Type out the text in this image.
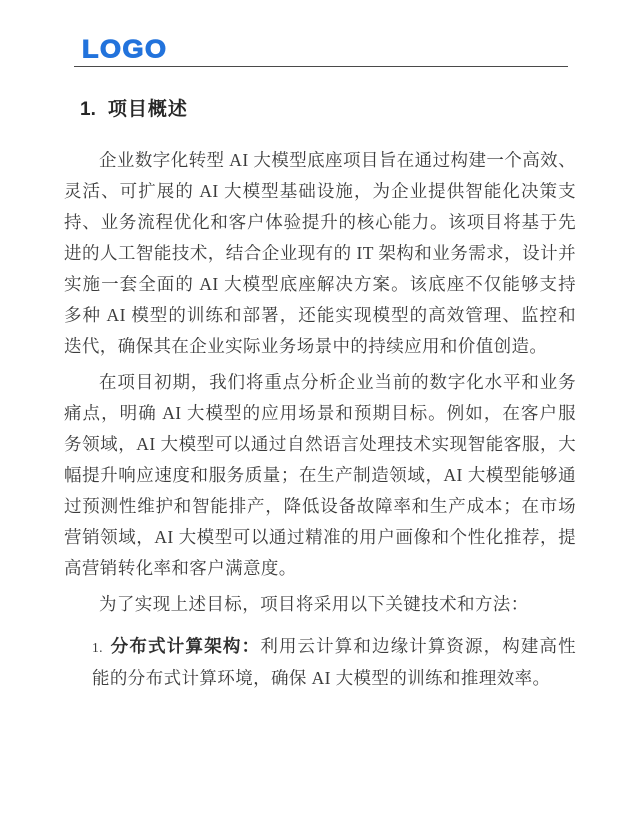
LOGO
1. 项目概述

企业数字化转型 AI 大模型底座项目旨在通过构建一个高效、灵活、可扩展的 AI 大模型基础设施，为企业提供智能化决策支持、业务流程优化和客户体验提升的核心能力。该项目将基于先进的人工智能技术，结合企业现有的 IT 架构和业务需求，设计并实施一套全面的 AI 大模型底座解决方案。该底座不仅能够支持多种 AI 模型的训练和部署，还能实现模型的高效管理、监控和迭代，确保其在企业实际业务场景中的持续应用和价值创造。

在项目初期，我们将重点分析企业当前的数字化水平和业务痛点，明确 AI 大模型的应用场景和预期目标。例如，在客户服务领域，AI 大模型可以通过自然语言处理技术实现智能客服，大幅提升响应速度和服务质量；在生产制造领域，AI 大模型能够通过预测性维护和智能排产，降低设备故障率和生产成本；在市场营销领域，AI 大模型可以通过精准的用户画像和个性化推荐，提高营销转化率和客户满意度。

为了实现上述目标，项目将采用以下关键技术和方法：

1. 分布式计算架构：利用云计算和边缘计算资源，构建高性能的分布式计算环境，确保 AI 大模型的训练和推理效率。
